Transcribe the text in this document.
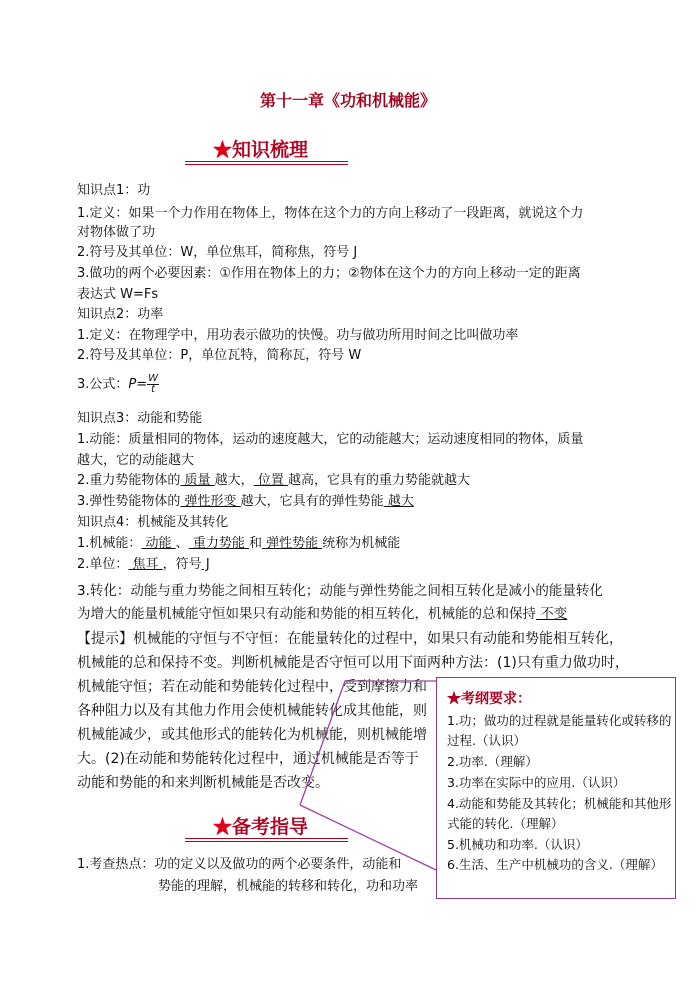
第十一章《功和机械能》
★知识梳理
知识点1：功
1.定义：如果一个力作用在物体上，物体在这个力的方向上移动了一段距离，就说这个力
对物体做了功
2.符号及其单位：W，单位焦耳，简称焦，符号 J
3.做功的两个必要因素：①作用在物体上的力；②物体在这个力的方向上移动一定的距离
表达式 W=Fs
知识点2：功率
1.定义：在物理学中，用功表示做功的快慢。功与做功所用时间之比叫做功率
2.符号及其单位：P，单位瓦特，简称瓦，符号 W
3.公式：$P= \frac{W}{t}$
知识点3：动能和势能
1.动能：质量相同的物体，运动的速度越大，它的动能越大；运动速度相同的物体，质量
越大，它的动能越大
2.重力势能物体的 质量 越大， 位置 越高，它具有的重力势能就越大
3.弹性势能物体的 弹性形变 越大，它具有的弹性势能 越大
知识点4：机械能及其转化
1.机械能： 动能 、 重力势能 和 弹性势能 统称为机械能
2.单位： 焦耳 ，符号 J
3.转化：动能与重力势能之间相互转化；动能与弹性势能之间相互转化是减小的能量转化
为增大的能量机械能守恒如果只有动能和势能的相互转化，机械能的总和保持 不变
【提示】机械能的守恒与不守恒：在能量转化的过程中，如果只有动能和势能相互转化，
机械能的总和保持不变。判断机械能是否守恒可以用下面两种方法：(1)只有重力做功时，
机械能守恒；若在动能和势能转化过程中，受到摩擦力和
各种阻力以及有其他力作用会使机械能转化成其他能，则
机械能减少，或其他形式的能转化为机械能，则机械能增
大。(2)在动能和势能转化过程中，通过机械能是否等于
动能和势能的和来判断机械能是否改变。
★考纲要求：
1.功；做功的过程就是能量转化或转移的过程.（认识）
2.功率.（理解）
3.功率在实际中的应用.（认识）
4.动能和势能及其转化；机械能和其他形式能的转化.（理解）
5.机械功和功率.（认识）
6.生活、生产中机械功的含义.（理解）
★备考指导
1.考查热点：功的定义以及做功的两个必要条件，动能和
势能的理解，机械能的转移和转化，功和功率
